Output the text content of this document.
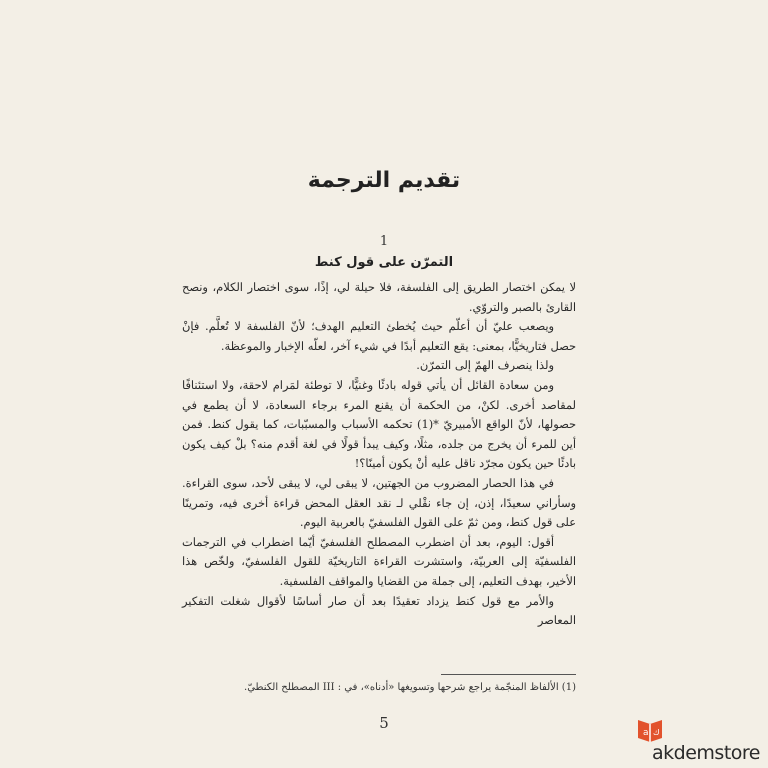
تقديم الترجمة
1
التمرّن على قول كنط

لا يمكن اختصار الطريق إلى الفلسفة، فلا حيلة لي، إذًا، سوى اختصار الكلام، ونصح القارئ بالصبر والتروّي.

ويصعب عليّ أن أعلّم حيث يُخطئ التعليم الهدف؛ لأنّ الفلسفة لا تُعلَّم. فإنْ حصل فتاريخيًّا، بمعنى: يقع التعليم أبدًا في شيء آخر، لعلّه الإخبار والموعظة.

ولذا ينصرف الهمّ إلى التمرّن.

ومن سعادة القائل أن يأتي قوله بادئًا وغنيًّا، لا توطئة لمَرام لاحقة، ولا استئنافًا لمقاصد أخرى. لكنْ، من الحكمة أن يقنع المرء برجاء السعادة، لا أن يطمع في حصولها، لأنّ الواقع الأمبيريّ *(1) تحكمه الأسباب والمسبّبات، كما يقول كنط. فمن أين للمرء أن يخرج من جلده، مثلًا، وكيف يبدأ قولًا في لغة أقدم منه؟ بلْ كيف يكون بادئًا حين يكون مجرّد ناقل عليه أنْ يكون أمينًا؟!

في هذا الحصار المضروب من الجهتين، لا يبقى لي، لا يبقى لأحد، سوى القراءة. وسأراني سعيدًا، إذن، إن جاء نقْلي لـ نقد العقل المحض قراءة أخرى فيه، وتمرينًا على قول كنط، ومن ثمّ على القول الفلسفيّ بالعربية اليوم.

أقول: اليوم، بعد أن اضطرب المصطلح الفلسفيّ أيّما اضطراب في الترجمات الفلسفيّة إلى العربيّة، واستشرت القراءة التاريخيّة للقول الفلسفيّ، ولخّص هذا الأخير، بهدف التعليم، إلى جملة من القضايا والمواقف الفلسفية.

والأمر مع قول كنط يزداد تعقيدًا بعد أن صار أساسًا لأقوال شغلت التفكير المعاصر

(1) الألفاظ المنجّمة يراجع شرحها وتسويغها «أدناه»، في : III المصطلح الكنطيّ.
5
a ك
akdemstore
